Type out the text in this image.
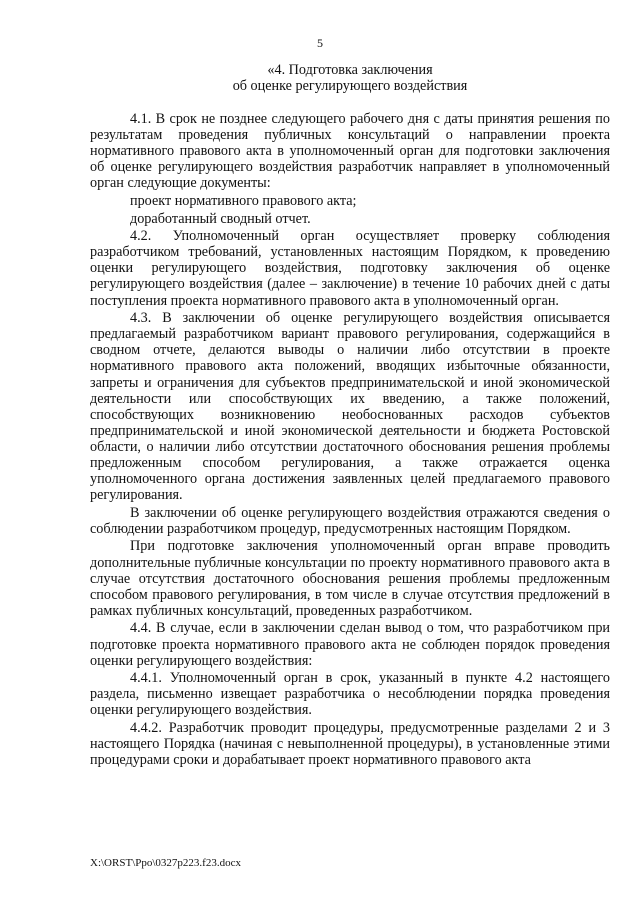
5
«4. Подготовка заключения
об оценке регулирующего воздействия

4.1. В срок не позднее следующего рабочего дня с даты принятия решения по результатам проведения публичных консультаций о направлении проекта нормативного правового акта в уполномоченный орган для подготовки заключения об оценке регулирующего воздействия разработчик направляет в уполномоченный орган следующие документы:

проект нормативного правового акта;

доработанный сводный отчет.

4.2. Уполномоченный орган осуществляет проверку соблюдения разработчиком требований, установленных настоящим Порядком, к проведению оценки регулирующего воздействия, подготовку заключения об оценке регулирующего воздействия (далее – заключение) в течение 10 рабочих дней с даты поступления проекта нормативного правового акта в уполномоченный орган.

4.3. В заключении об оценке регулирующего воздействия описывается предлагаемый разработчиком вариант правового регулирования, содержащийся в сводном отчете, делаются выводы о наличии либо отсутствии в проекте нормативного правового акта положений, вводящих избыточные обязанности, запреты и ограничения для субъектов предпринимательской и иной экономической деятельности или способствующих их введению, а также положений, способствующих возникновению необоснованных расходов субъектов предпринимательской и иной экономической деятельности и бюджета Ростовской области, о наличии либо отсутствии достаточного обоснования решения проблемы предложенным способом регулирования, а также отражается оценка уполномоченного органа достижения заявленных целей предлагаемого правового регулирования.

В заключении об оценке регулирующего воздействия отражаются сведения о соблюдении разработчиком процедур, предусмотренных настоящим Порядком.

При подготовке заключения уполномоченный орган вправе проводить дополнительные публичные консультации по проекту нормативного правового акта в случае отсутствия достаточного обоснования решения проблемы предложенным способом правового регулирования, в том числе в случае отсутствия предложений в рамках публичных консультаций, проведенных разработчиком.

4.4. В случае, если в заключении сделан вывод о том, что разработчиком при подготовке проекта нормативного правового акта не соблюден порядок проведения оценки регулирующего воздействия:

4.4.1. Уполномоченный орган в срок, указанный в пункте 4.2 настоящего раздела, письменно извещает разработчика о несоблюдении порядка проведения оценки регулирующего воздействия.

4.4.2. Разработчик проводит процедуры, предусмотренные разделами 2 и 3 настоящего Порядка (начиная с невыполненной процедуры), в установленные этими процедурами сроки и дорабатывает проект нормативного правового акта

X:\ORST\Ppo\0327p223.f23.docx
